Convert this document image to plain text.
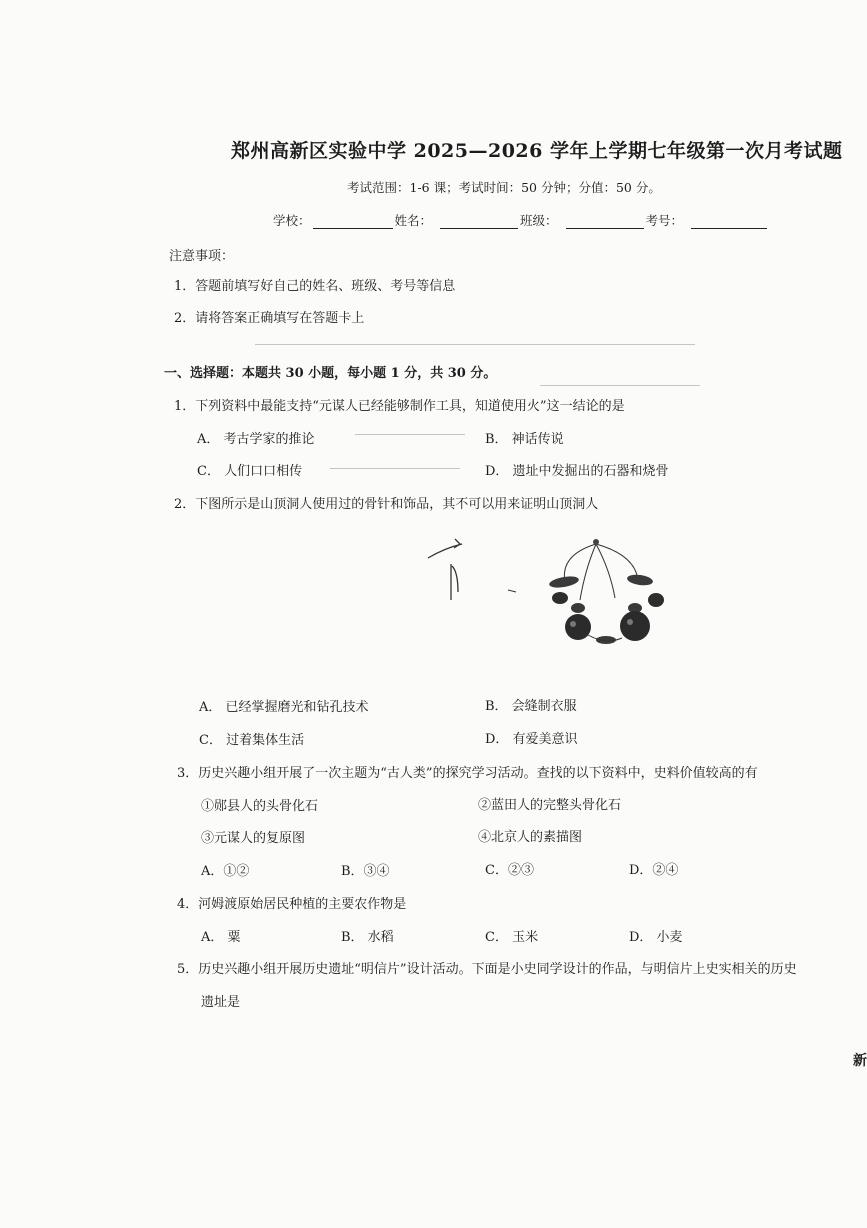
郑州高新区实验中学 2025—2026 学年上学期七年级第一次月考试题
考试范围：1-6 课；考试时间：50 分钟；分值：50 分。
学校：	姓名：	班级：	考号：
注意事项：
1．答题前填写好自己的姓名、班级、考号等信息
2．请将答案正确填写在答题卡上
一、选择题：本题共 30 小题，每小题 1 分，共 30 分。
1．下列资料中最能支持“元谋人已经能够制作工具，知道使用火”这一结论的是
A． 考古学家的推论	B． 神话传说
C． 人们口口相传	D． 遗址中发掘出的石器和烧骨
2．下图所示是山顶洞人使用过的骨针和饰品，其不可以用来证明山顶洞人
A． 已经掌握磨光和钻孔技术	B． 会缝制衣服
C． 过着集体生活	D． 有爱美意识
3．历史兴趣小组开展了一次主题为“古人类”的探究学习活动。查找的以下资料中，史料价值较高的有
①郧县人的头骨化石	②蓝田人的完整头骨化石
③元谋人的复原图	④北京人的素描图
A．①②	B．③④	C．②③	D．②④
4．河姆渡原始居民种植的主要农作物是
A． 粟	B． 水稻	C． 玉米	D． 小麦
5．历史兴趣小组开展历史遗址“明信片”设计活动。下面是小史同学设计的作品，与明信片上史实相关的历史
遗址是
新
